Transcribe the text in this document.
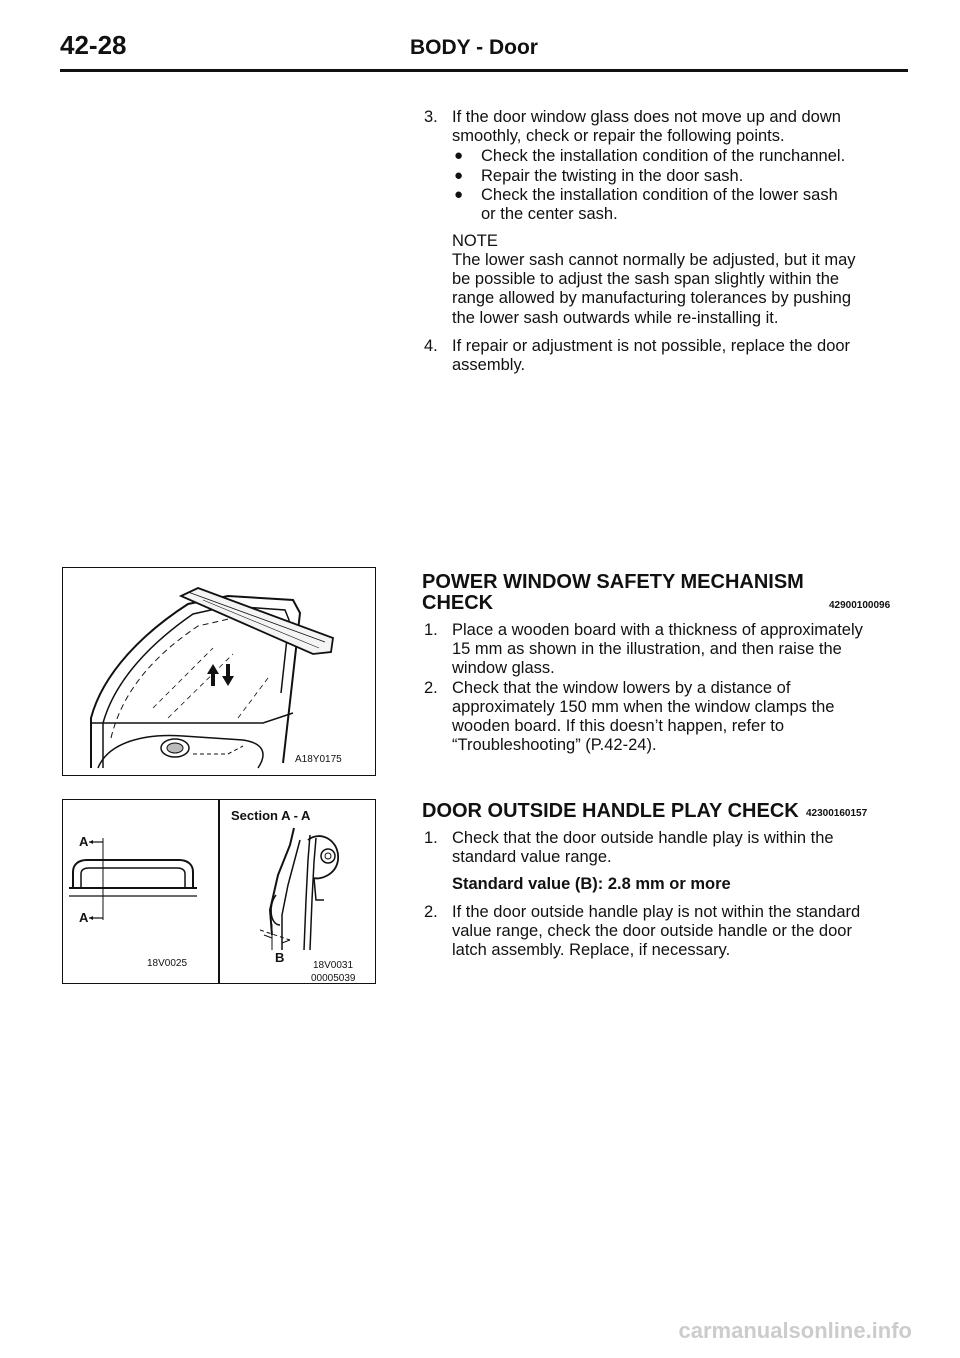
42-28	BODY - Door
3. If the door window glass does not move up and down
smoothly, check or repair the following points.
●	Check the installation condition of the runchannel.
●	Repair the twisting in the door sash.
●	Check the installation condition of the lower sash
or the center sash.
NOTE
The lower sash cannot normally be adjusted, but it may
be possible to adjust the sash span slightly within the
range allowed by manufacturing tolerances by pushing
the lower sash outwards while re-installing it.
4. If repair or adjustment is not possible, replace the door
assembly.
POWER WINDOW SAFETY MECHANISM
CHECK	42900100096
1. Place a wooden board with a thickness of approximately
15 mm as shown in the illustration, and then raise the
window glass.
2. Check that the window lowers by a distance of
approximately 150 mm when the window clamps the
wooden board. If this doesn’t happen, refer to
“Troubleshooting” (P.42-24).
DOOR OUTSIDE HANDLE PLAY CHECK 42300160157
1. Check that the door outside handle play is within the
standard value range.
Standard value (B): 2.8 mm or more
2. If the door outside handle play is not within the standard
value range, check the door outside handle or the door
latch assembly. Replace, if necessary.
A18Y0175
A
A
18V0025
Section A - A
B
18V0031
00005039
carmanualsonline.info
